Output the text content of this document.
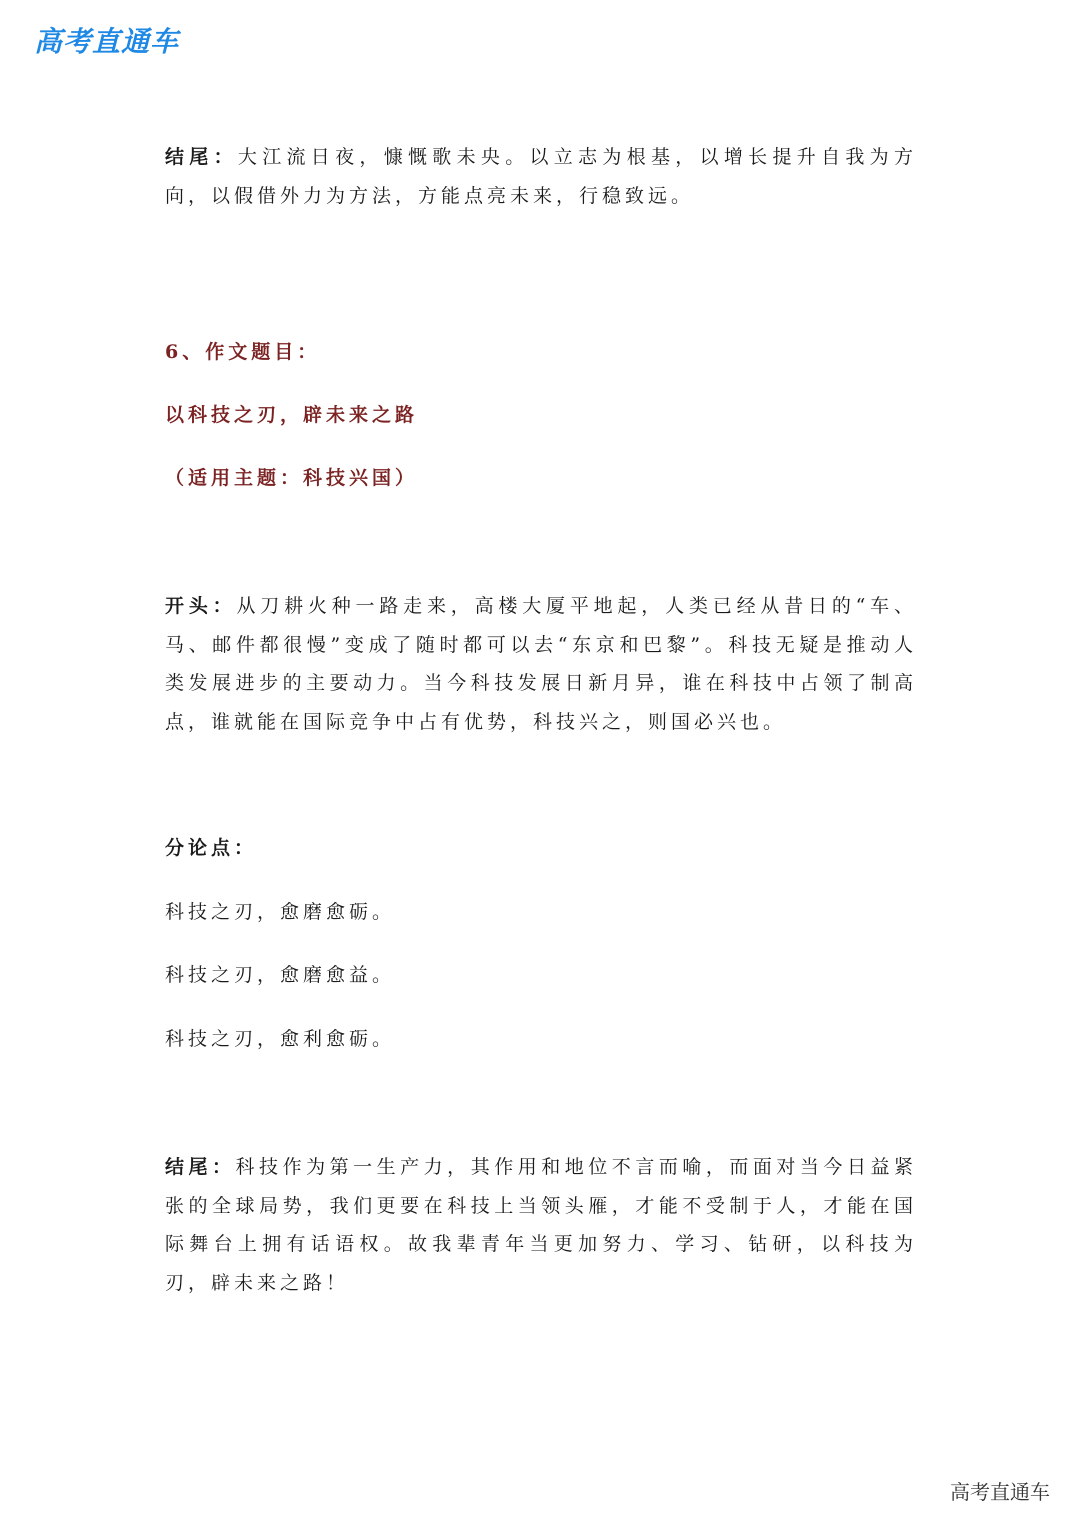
高考直通车

结尾：大江流日夜，慷慨歌未央。以立志为根基，以增长提升自我为方向，以假借外力为方法，方能点亮未来，行稳致远。

6、作文题目：

以科技之刃，辟未来之路

（适用主题：科技兴国）

开头：从刀耕火种一路走来，高楼大厦平地起，人类已经从昔日的“车、马、邮件都很慢”变成了随时都可以去“东京和巴黎”。科技无疑是推动人类发展进步的主要动力。当今科技发展日新月异，谁在科技中占领了制高点，谁就能在国际竞争中占有优势，科技兴之，则国必兴也。

分论点：

科技之刃，愈磨愈砺。

科技之刃，愈磨愈益。

科技之刃，愈利愈砺。

结尾：科技作为第一生产力，其作用和地位不言而喻，而面对当今日益紧张的全球局势，我们更要在科技上当领头雁，才能不受制于人，才能在国际舞台上拥有话语权。故我辈青年当更加努力、学习、钻研，以科技为刃，辟未来之路！

高考直通车
